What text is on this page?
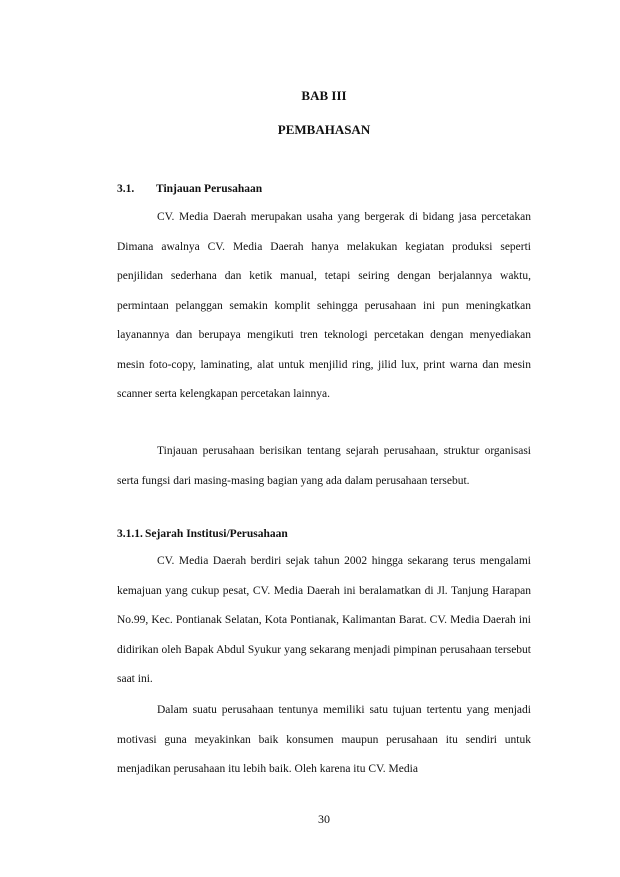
BAB III
PEMBAHASAN
3.1. Tinjauan Perusahaan

CV. Media Daerah merupakan usaha yang bergerak di bidang jasa percetakan Dimana awalnya CV. Media Daerah hanya melakukan kegiatan produksi seperti penjilidan sederhana dan ketik manual, tetapi seiring dengan berjalannya waktu, permintaan pelanggan semakin komplit sehingga perusahaan ini pun meningkatkan layanannya dan berupaya mengikuti tren teknologi percetakan dengan menyediakan mesin foto-copy, laminating, alat untuk menjilid ring, jilid lux, print warna dan mesin scanner serta kelengkapan percetakan lainnya.

Tinjauan perusahaan berisikan tentang sejarah perusahaan, struktur organisasi serta fungsi dari masing-masing bagian yang ada dalam perusahaan tersebut.

3.1.1. Sejarah Institusi/Perusahaan

CV. Media Daerah berdiri sejak tahun 2002 hingga sekarang terus mengalami kemajuan yang cukup pesat, CV. Media Daerah ini beralamatkan di Jl. Tanjung Harapan No.99, Kec. Pontianak Selatan, Kota Pontianak, Kalimantan Barat. CV. Media Daerah ini didirikan oleh Bapak Abdul Syukur yang sekarang menjadi pimpinan perusahaan tersebut saat ini.

Dalam suatu perusahaan tentunya memiliki satu tujuan tertentu yang menjadi motivasi guna meyakinkan baik konsumen maupun perusahaan itu sendiri untuk menjadikan perusahaan itu lebih baik. Oleh karena itu CV. Media

30
